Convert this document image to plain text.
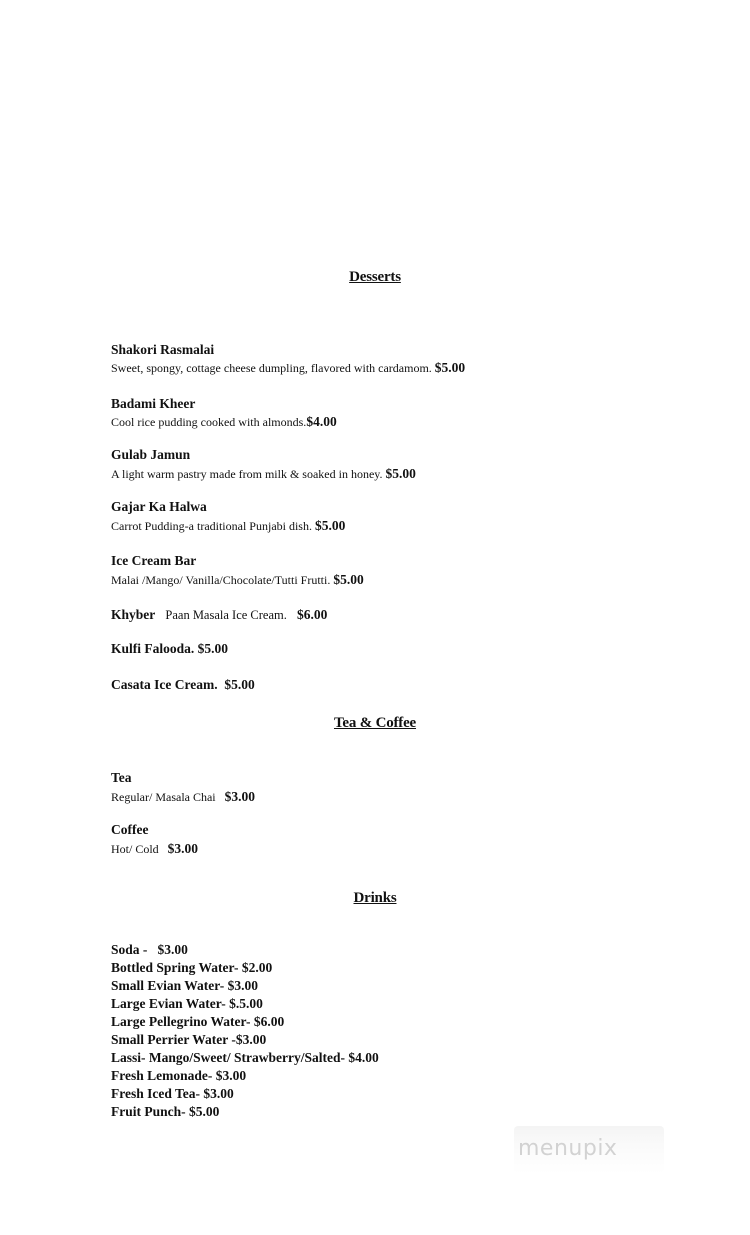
Desserts
Shakori Rasmalai
Sweet, spongy, cottage cheese dumpling, flavored with cardamom. $5.00
Badami Kheer
Cool rice pudding cooked with almonds.$4.00
Gulab Jamun
A light warm pastry made from milk & soaked in honey. $5.00
Gajar Ka Halwa
Carrot Pudding-a traditional Punjabi dish. $5.00
Ice Cream Bar
Malai /Mango/ Vanilla/Chocolate/Tutti Frutti. $5.00
Khyber Paan Masala Ice Cream. $6.00
Kulfi Falooda. $5.00
Casata Ice Cream. $5.00
Tea & Coffee
Tea
Regular/ Masala Chai $3.00
Coffee
Hot/ Cold $3.00
Drinks
Soda -   $3.00
Bottled Spring Water- $2.00
Small Evian Water- $3.00
Large Evian Water- $.5.00
Large Pellegrino Water- $6.00
Small Perrier Water -$3.00
Lassi- Mango/Sweet/ Strawberry/Salted- $4.00
Fresh Lemonade- $3.00
Fresh Iced Tea- $3.00
Fruit Punch- $5.00
menupix
